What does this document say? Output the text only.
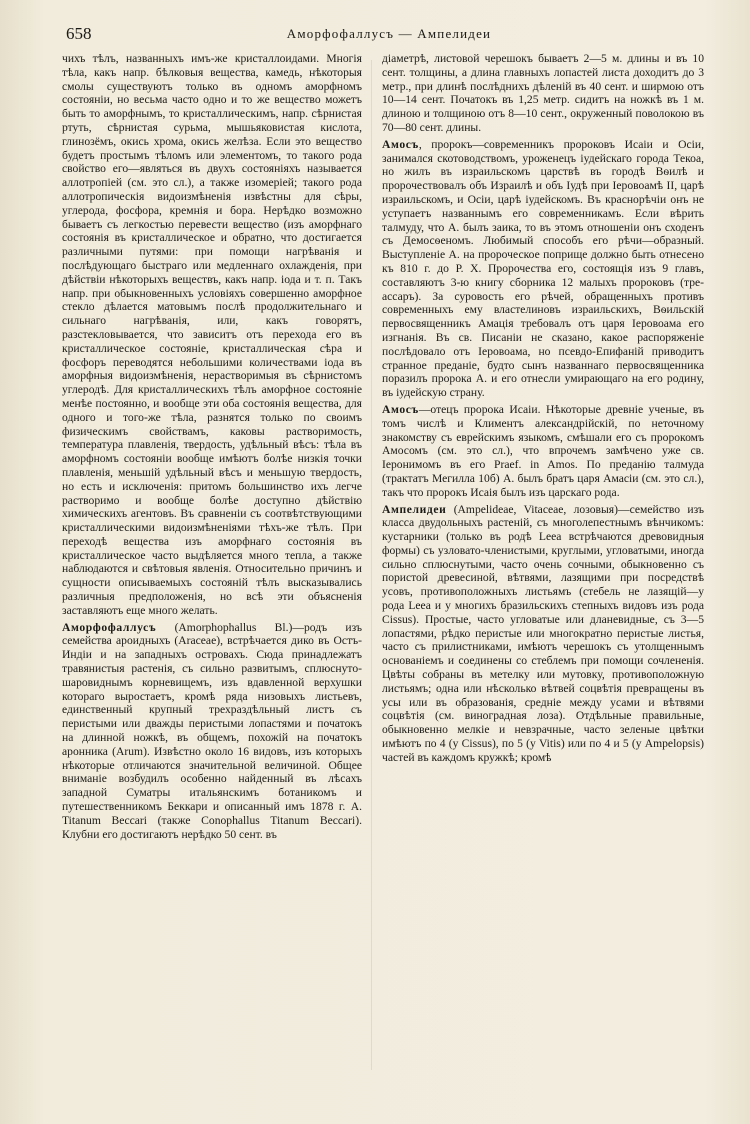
658	Аморфофаллусъ — Ампелидеи

чихъ тѣлъ, названныхъ имъ-же кристаллоидами. Многія тѣла, какъ напр. бѣлковыя вещества, камедь, нѣкоторыя смолы существуютъ только въ одномъ аморфномъ состояніи, но весьма часто одно и то же вещество можетъ быть то аморфнымъ, то кристаллическимъ, напр. сѣрнистая ртуть, сѣрнистая сурьма, мышьяковистая кислота, глинозёмъ, окись хрома, окись желѣза. Если это вещество будетъ простымъ тѣломъ или элементомъ, то такого рода свойство его—являться въ двухъ состояніяхъ называется аллотропіей (см. это сл.), а также изомеріей; такого рода аллотропическія видоизмѣненія извѣстны для сѣры, углерода, фосфора, кремнія и бора. Нерѣдко возможно бываетъ съ легкостью перевести вещество (изъ аморфнаго состоянія въ кристаллическое и обратно, что достигается различными путями: при помощи нагрѣванія и послѣдующаго быстраго или медленнаго охлажденія, при дѣйствіи нѣкоторыхъ веществъ, какъ напр. іода и т. п. Такъ напр. при обыкновенныхъ условіяхъ совершенно аморфное стекло дѣлается матовымъ послѣ продолжительнаго и сильнаго нагрѣванія, или, какъ говорятъ, разстекловывается, что зависитъ отъ перехода его въ кристаллическое состояніе, кристаллическая сѣра и фосфоръ переводятся небольшими количествами іода въ аморфныя видоизмѣненія, нерастворимыя въ сѣрнистомъ углеродѣ. Для кристаллическихъ тѣлъ аморфное состояніе менѣе постоянно, и вообще эти оба состоянія вещества, для одного и того-же тѣла, разнятся только по своимъ физическимъ свойствамъ, каковы растворимость, температура плавленія, твердость, удѣльный вѣсъ: тѣла въ аморфномъ состояніи вообще имѣютъ болѣе низкія точки плавленія, меньшій удѣльный вѣсъ и меньшую твердость, но есть и исключенія: притомъ большинство ихъ легче растворимо и вообще болѣе доступно дѣйствію химическихъ агентовъ. Въ сравненіи съ соотвѣтствующими кристаллическими видоизмѣненіями тѣхъ-же тѣлъ. При переходѣ вещества изъ аморфнаго состоянія въ кристаллическое часто выдѣляется много тепла, а также наблюдаются и свѣтовыя явленія. Относительно причинъ и сущности описываемыхъ состояній тѣлъ высказывались различныя предположенія, но всѣ эти объясненія заставляютъ еще много желать.

Аморфофаллусъ (Amorphophallus Bl.)—родъ изъ семейства ароидныхъ (Araceae), встрѣчается дико въ Остъ-Индіи и на западныхъ островахъ. Сюда принадлежатъ травянистыя растенія, съ сильно развитымъ, сплюснуто-шаровиднымъ корневищемъ, изъ вдавленной верхушки котораго выростаетъ, кромѣ ряда низовыхъ листьевъ, единственный крупный трехраздѣльный листъ съ перистыми или дважды перистыми лопастями и початокъ на длинной ножкѣ, въ общемъ, похожій на початокъ аронника (Arum). Извѣстно около 16 видовъ, изъ которыхъ нѣкоторые отличаются значительной величиной. Общее вниманіе возбудилъ особенно найденный въ лѣсахъ западной Суматры итальянскимъ ботаникомъ и путешественникомъ Беккари и описанный имъ 1878 г. A. Titanum Beccari (также Conophallus Titanum Beccari). Клубни его достигаютъ нерѣдко 50 сент. въ

діаметрѣ, листовой черешокъ бываетъ 2—5 м. длины и въ 10 сент. толщины, а длина главныхъ лопастей листа доходитъ до 3 метр., при длинѣ послѣднихъ дѣленій въ 40 сент. и ширмою отъ 10—14 сент. Початокъ въ 1,25 метр. сидитъ на ножкѣ въ 1 м. длиною и толщиною отъ 8—10 сент., окруженный поволокою въ 70—80 сент. длины.

Амосъ, пророкъ—современникъ пророковъ Исаіи и Осіи, занимался скотоводствомъ, уроженецъ іудейскаго города Текоа, но жилъ въ израильскомъ царствѣ въ городѣ Вѳилѣ и пророчествовалъ объ Израилѣ и объ Іудѣ при Іеровоамѣ II, царѣ израильскомъ, и Осіи, царѣ іудейскомъ. Въ краснорѣчіи онъ не уступаетъ названнымъ его современникамъ. Если вѣрить талмуду, что А. былъ заика, то въ этомъ отношеніи онъ сходенъ съ Демосѳеномъ. Любимый способъ его рѣчи—образный. Выступленіе А. на пророческое поприще должно быть отнесено къ 810 г. до Р. Х. Пророчества его, состоящія изъ 9 главъ, составляютъ 3-ю книгу сборника 12 малыхъ пророковъ (тре-ассаръ). За суровость его рѣчей, обращенныхъ противъ современныхъ ему властелиновъ израильскихъ, Вѳильскій первосвященникъ Амація требовалъ отъ царя Іеровоама его изгнанія. Въ св. Писаніи не сказано, какое распоряженіе послѣдовало отъ Іеровоама, но псевдо-Епифаній приводитъ странное преданіе, будто сынъ названнаго первосвященника поразилъ пророка А. и его отнесли умирающаго на его родину, въ іудейскую страну.

Амосъ—отецъ пророка Исаіи. Нѣкоторые древніе ученые, въ томъ числѣ и Климентъ александрійскій, по неточному знакомству съ еврейскимъ языкомъ, смѣшали его съ пророкомъ Амосомъ (см. это сл.), что впрочемъ замѣчено уже св. Іеронимомъ въ его Praef. in Amos. По преданію талмуда (трактатъ Мегилла 10б) А. былъ братъ царя Амасіи (см. это сл.), такъ что пророкъ Исаія былъ изъ царскаго рода.

Ампелидеи (Ampelideae, Vitaceae, лозовыя)—семейство изъ класса двудольныхъ растеній, съ многолепестнымъ вѣнчикомъ: кустарники (только въ родѣ Leea встрѣчаются древовидныя формы) съ узловато-членистыми, круглыми, угловатыми, иногда сильно сплюснутыми, часто очень сочными, обыкновенно съ пористой древесиной, вѣтвями, лазящими при посредствѣ усовъ, противоположныхъ листьямъ (стебель не лазящій—у рода Leea и у многихъ бразильскихъ степныхъ видовъ изъ рода Cissus). Простые, часто угловатые или дланевидные, съ 3—5 лопастями, рѣдко перистые или многократно перистые листья, часто съ прилистниками, имѣютъ черешокъ съ утолщеннымъ основаніемъ и соединены со стеблемъ при помощи сочлененія. Цвѣты собраны въ метелку или мутовку, противоположную листьямъ; одна или нѣсколько вѣтвей соцвѣтія превращены въ усы или въ образованія, средніе между усами и вѣтвями соцвѣтія (см. виноградная лоза). Отдѣльные правильные, обыкновенно мелкіе и невзрачные, часто зеленые цвѣтки имѣютъ по 4 (у Cissus), по 5 (у Vitis) или по 4 и 5 (у Ampelopsis) частей въ каждомъ кружкѣ; кромѣ
